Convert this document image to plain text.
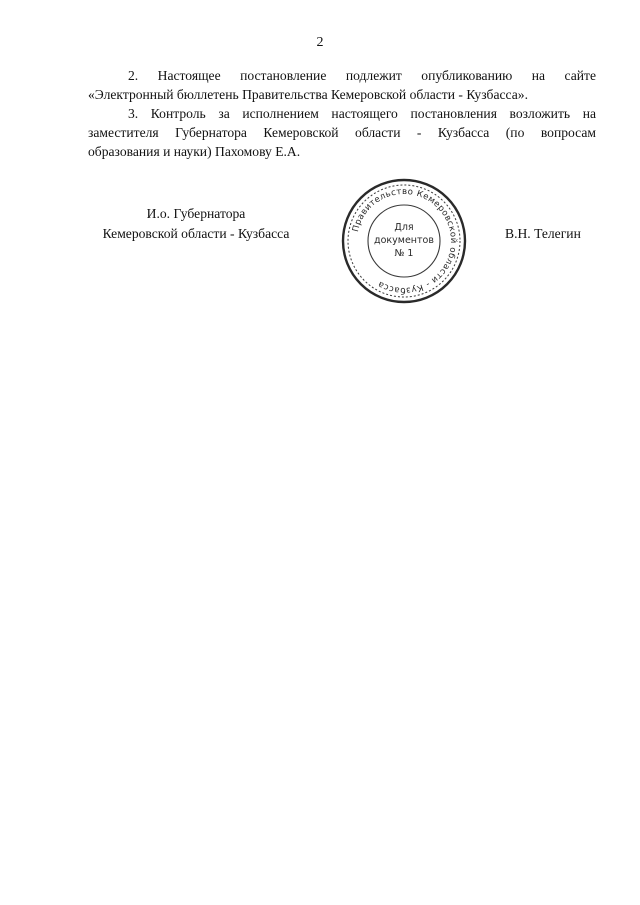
2
2. Настоящее постановление подлежит опубликованию на сайте
«Электронный бюллетень Правительства Кемеровской области - Кузбасса».
3. Контроль за исполнением настоящего постановления возложить на
заместителя Губернатора Кемеровской области - Кузбасса (по вопросам
образования и науки) Пахомову Е.А.
И.о. Губернатора
Кемеровской области - Кузбасса	Правительство Кемеровской области - Кузбасса
Для
документов
№ 1
В.Н. Телегин
